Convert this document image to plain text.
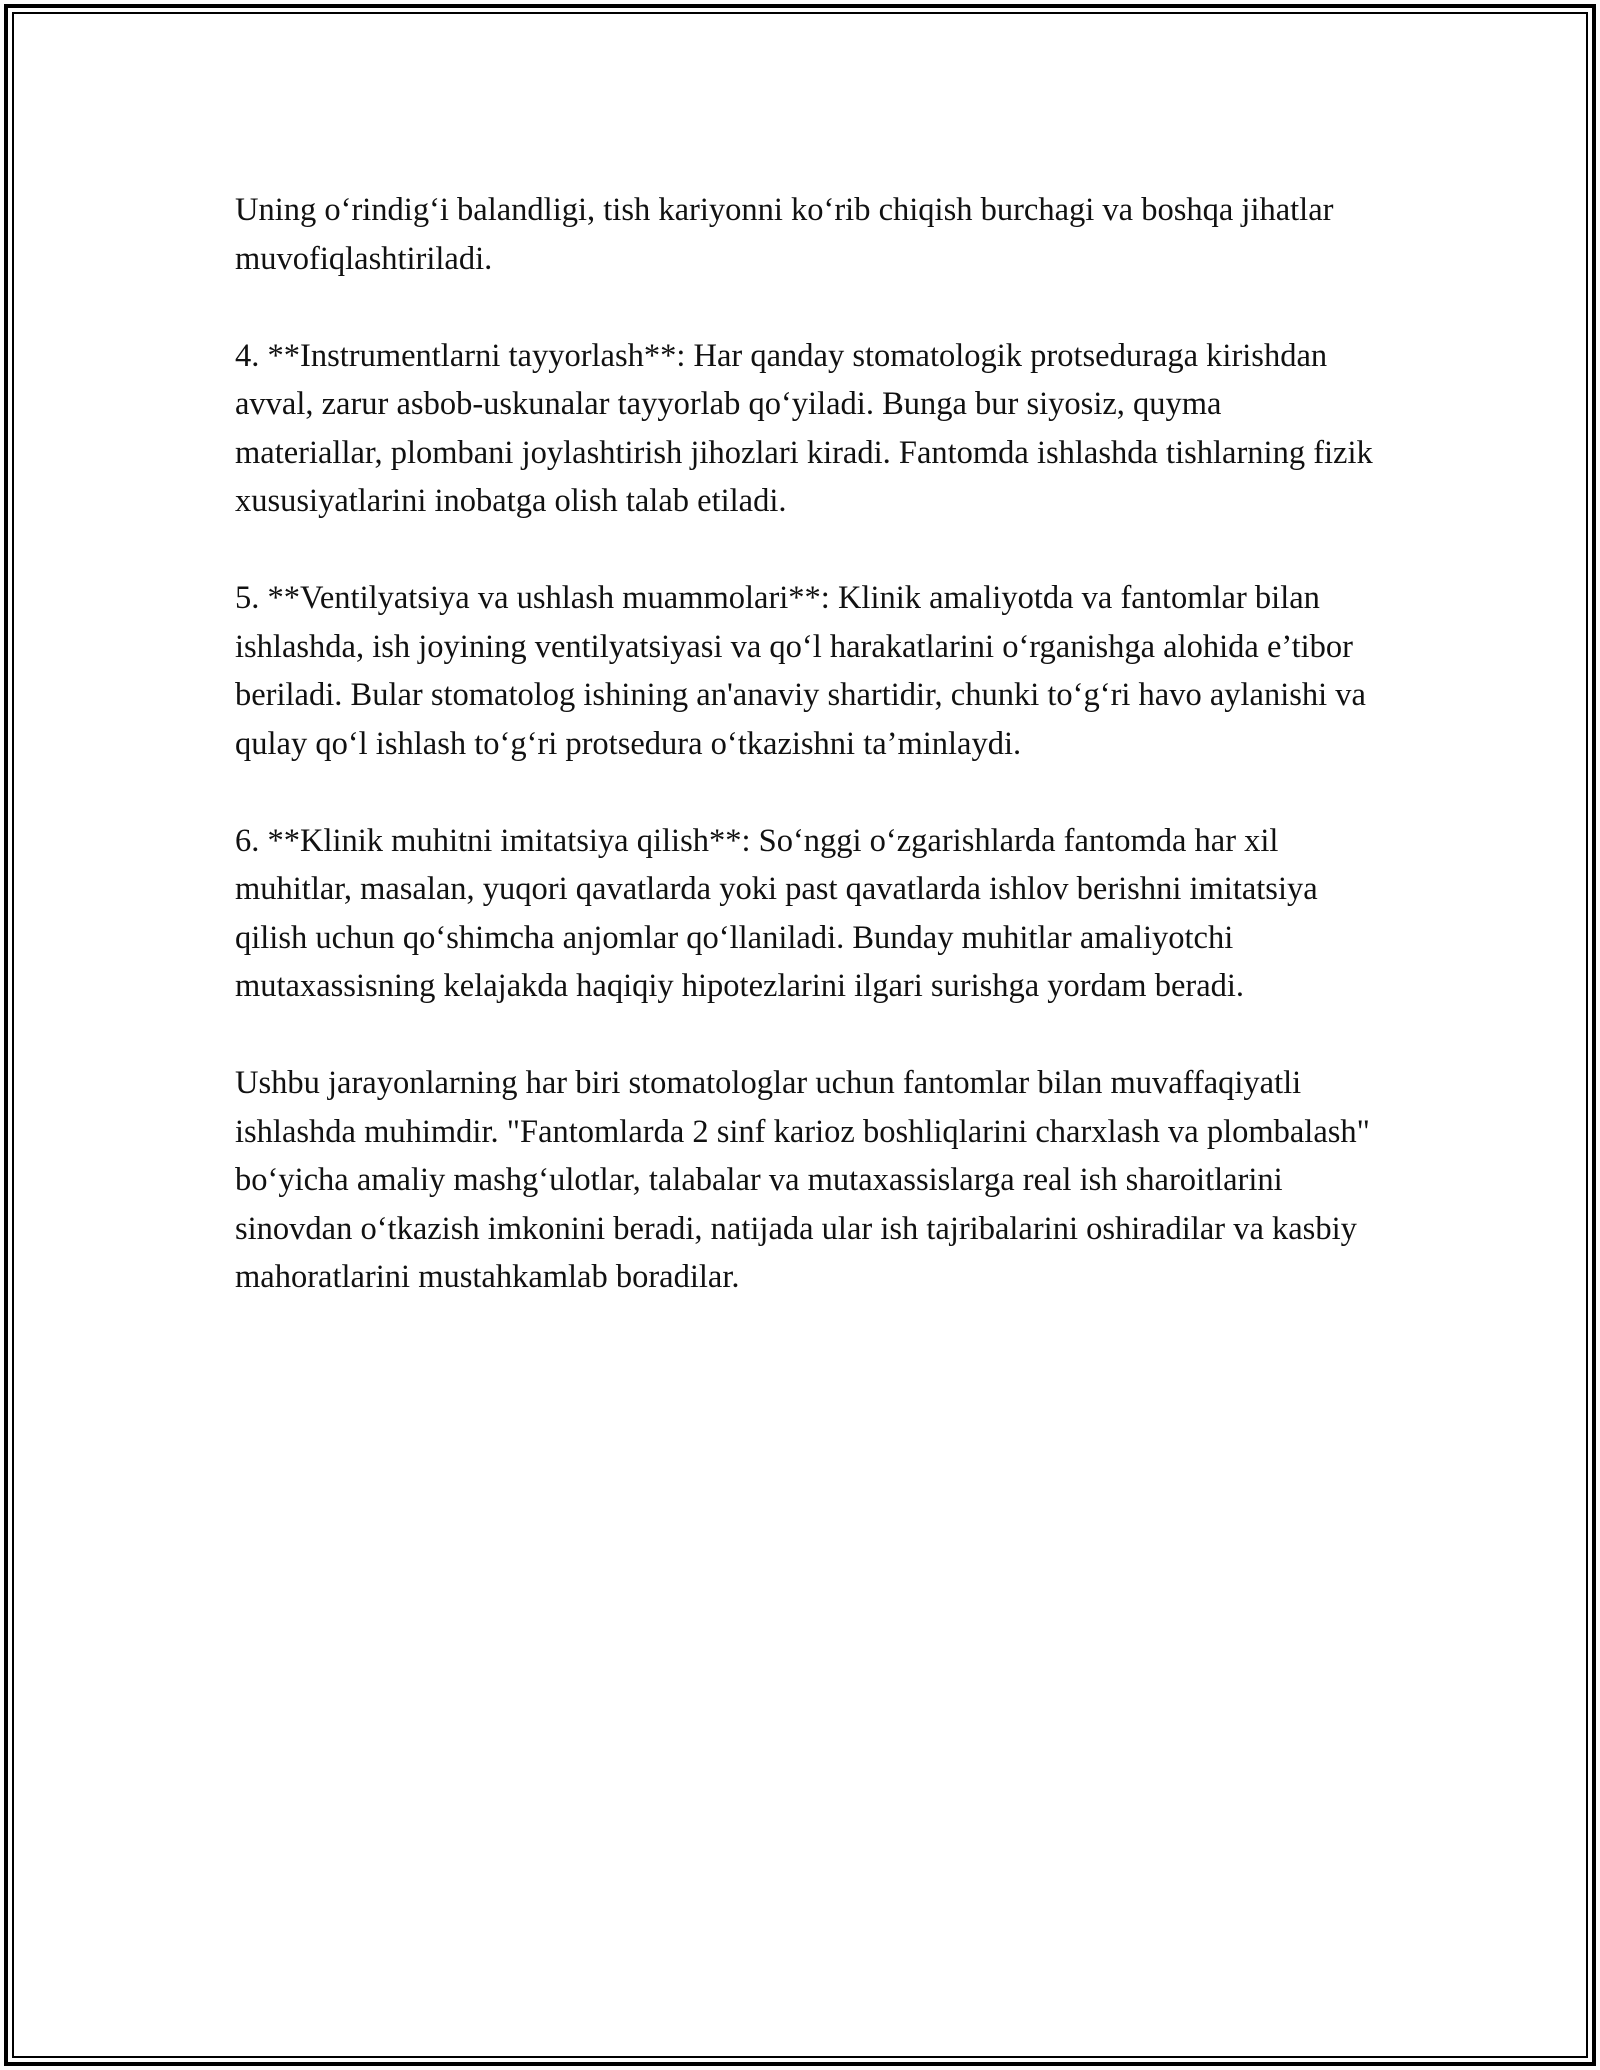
Uning o‘rindig‘i balandligi, tish kariyonni ko‘rib chiqish burchagi va boshqa jihatlar muvofiqlashtiriladi.

4. **Instrumentlarni tayyorlash**: Har qanday stomatologik protseduraga kirishdan avval, zarur asbob-uskunalar tayyorlab qo‘yiladi. Bunga bur siyosiz, quyma materiallar, plombani joylashtirish jihozlari kiradi. Fantomda ishlashda tishlarning fizik xususiyatlarini inobatga olish talab etiladi.

5. **Ventilyatsiya va ushlash muammolari**: Klinik amaliyotda va fantomlar bilan ishlashda, ish joyining ventilyatsiyasi va qo‘l harakatlarini o‘rganishga alohida e’tibor beriladi. Bular stomatolog ishining an'anaviy shartidir, chunki to‘g‘ri havo aylanishi va qulay qo‘l ishlash to‘g‘ri protsedura o‘tkazishni ta’minlaydi.

6. **Klinik muhitni imitatsiya qilish**: So‘nggi o‘zgarishlarda fantomda har xil muhitlar, masalan, yuqori qavatlarda yoki past qavatlarda ishlov berishni imitatsiya qilish uchun qo‘shimcha anjomlar qo‘llaniladi. Bunday muhitlar amaliyotchi mutaxassisning kelajakda haqiqiy hipotezlarini ilgari surishga yordam beradi.

Ushbu jarayonlarning har biri stomatologlar uchun fantomlar bilan muvaffaqiyatli ishlashda muhimdir. "Fantomlarda 2 sinf karioz boshliqlarini charxlash va plombalash" bo‘yicha amaliy mashg‘ulotlar, talabalar va mutaxassislarga real ish sharoitlarini sinovdan o‘tkazish imkonini beradi, natijada ular ish tajribalarini oshiradilar va kasbiy mahoratlarini mustahkamlab boradilar.
